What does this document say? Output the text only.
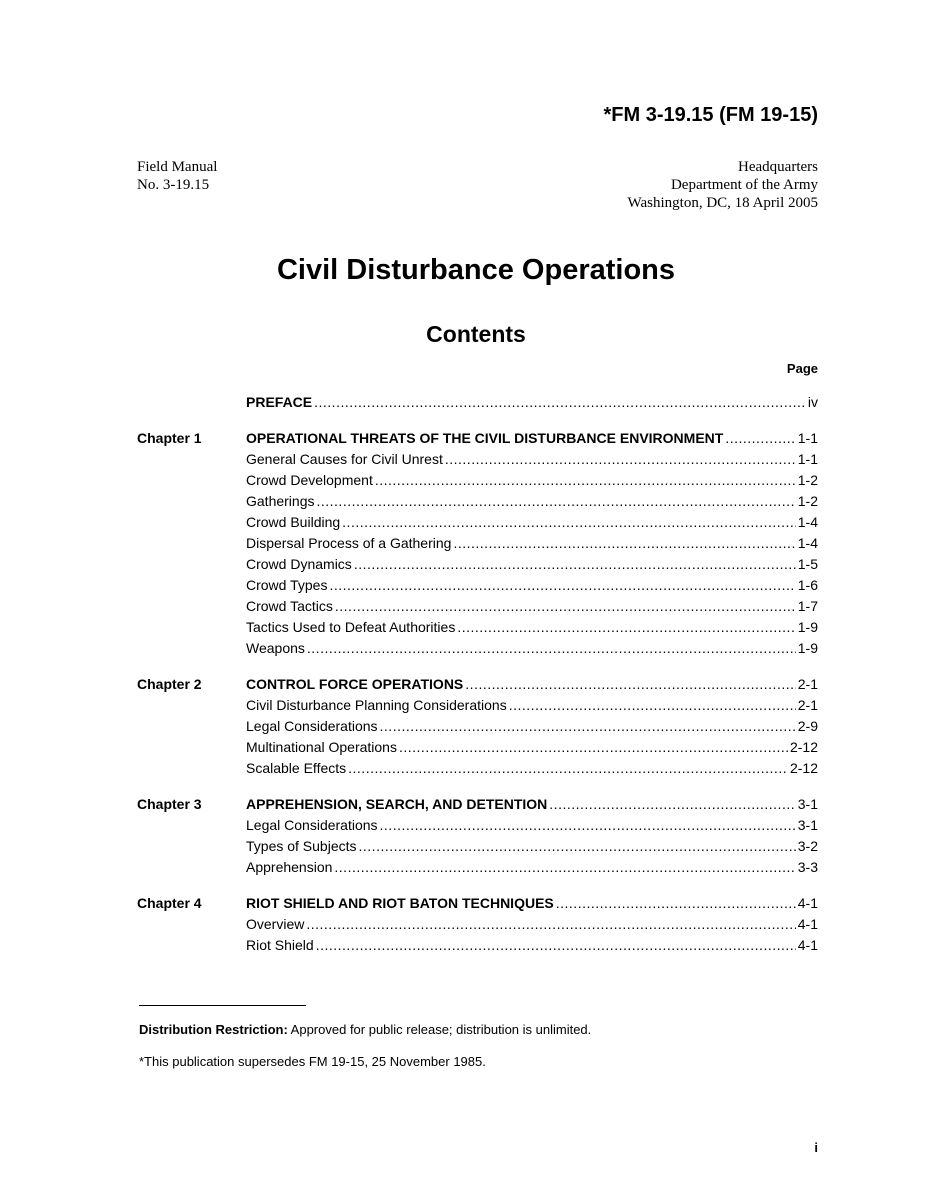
*FM 3-19.15 (FM 19-15)
Field Manual
No. 3-19.15
Headquarters
Department of the Army
Washington, DC, 18 April 2005
Civil Disturbance Operations
Contents
Page
PREFACE .....	iv
Chapter 1	OPERATIONAL THREATS OF THE CIVIL DISTURBANCE ENVIRONMENT .....	1-1
General Causes for Civil Unrest .....	1-1
Crowd Development .....	1-2
Gatherings .....	1-2
Crowd Building .....	1-4
Dispersal Process of a Gathering .....	1-4
Crowd Dynamics .....	1-5
Crowd Types .....	1-6
Crowd Tactics .....	1-7
Tactics Used to Defeat Authorities .....	1-9
Weapons .....	1-9
Chapter 2	CONTROL FORCE OPERATIONS .....	2-1
Civil Disturbance Planning Considerations .....	2-1
Legal Considerations .....	2-9
Multinational Operations .....	2-12
Scalable Effects .....	2-12
Chapter 3	APPREHENSION, SEARCH, AND DETENTION .....	3-1
Legal Considerations .....	3-1
Types of Subjects .....	3-2
Apprehension .....	3-3
Chapter 4	RIOT SHIELD AND RIOT BATON TECHNIQUES .....	4-1
Overview .....	4-1
Riot Shield .....	4-1
Distribution Restriction: Approved for public release; distribution is unlimited.
*This publication supersedes FM 19-15, 25 November 1985.
i
